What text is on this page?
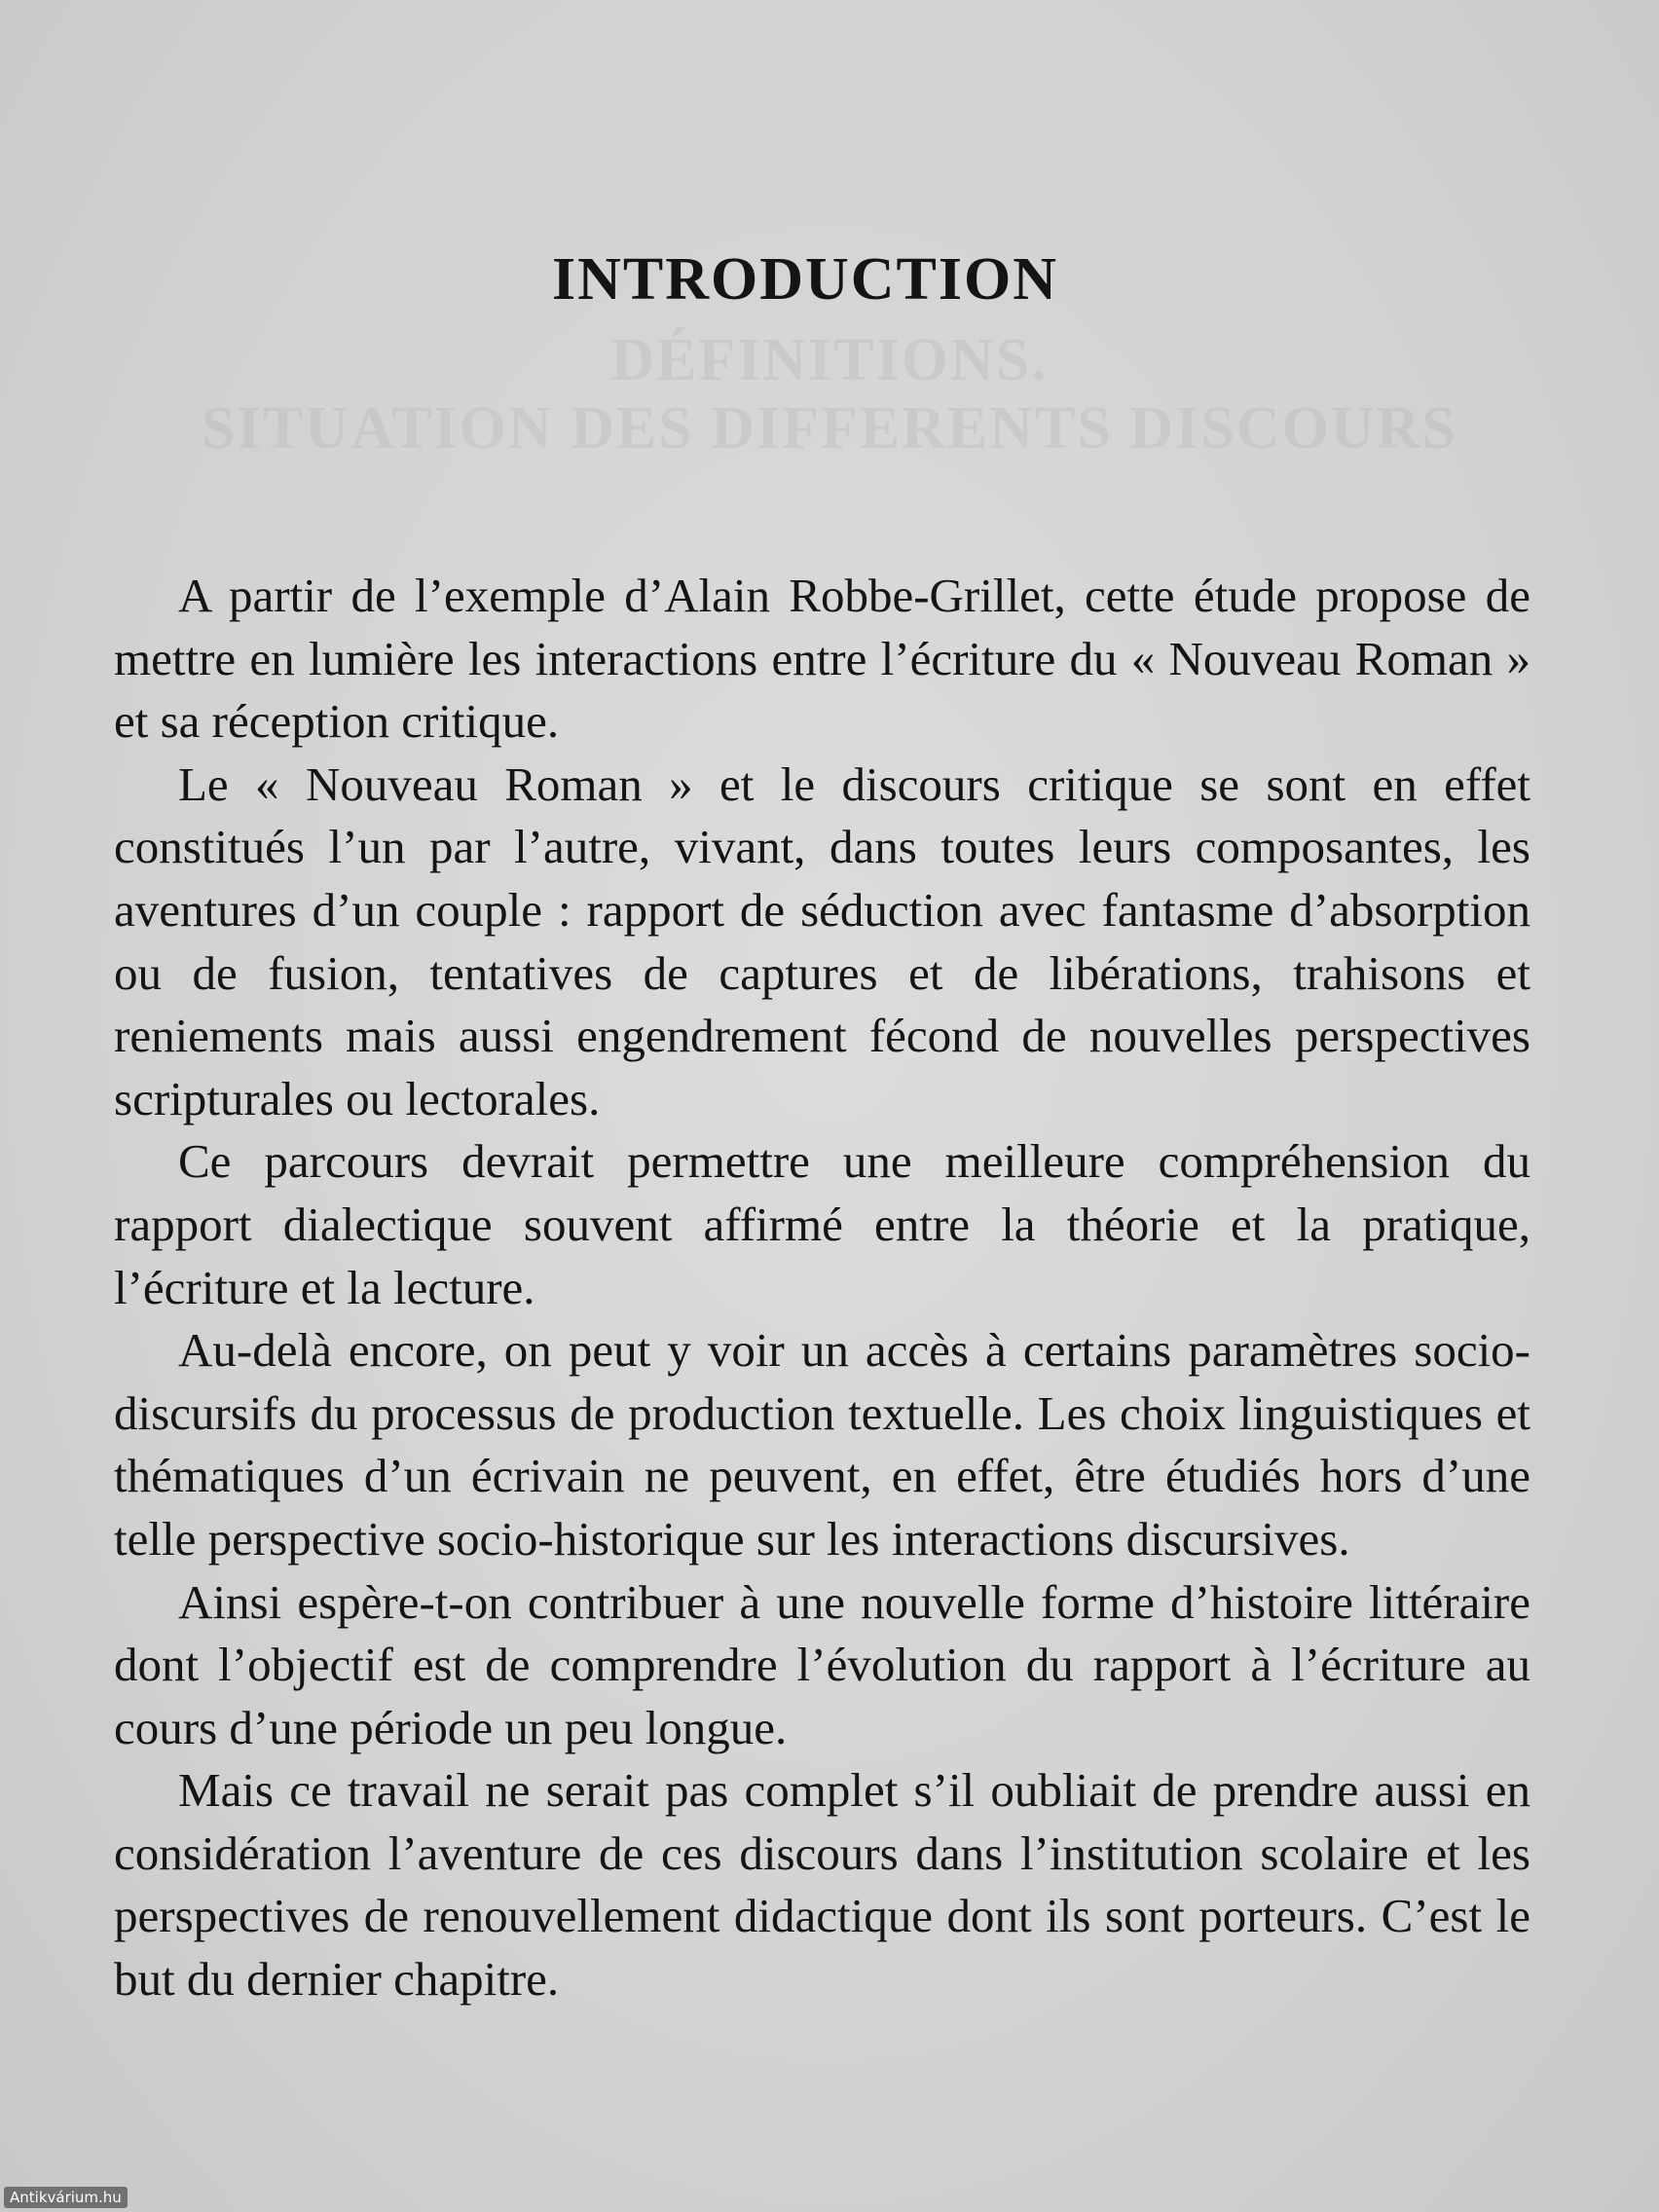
DÉFINITIONS.
SITUATION DES DIFFERENTS DISCOURS
INTRODUCTION

A partir de l’exemple d’Alain Robbe-Grillet, cette étude propose de mettre en lumière les interactions entre l’écriture du « Nouveau Roman » et sa réception critique.

Le « Nouveau Roman » et le discours critique se sont en effet constitués l’un par l’autre, vivant, dans toutes leurs composantes, les aventures d’un couple : rapport de séduction avec fantasme d’absorption ou de fusion, tentatives de captures et de libérations, trahisons et reniements mais aussi engendrement fécond de nouvelles perspectives scripturales ou lectorales.

Ce parcours devrait permettre une meilleure compréhension du rapport dialectique souvent affirmé entre la théorie et la pratique, l’écriture et la lecture.

Au-delà encore, on peut y voir un accès à certains paramètres socio-discursifs du processus de production textuelle. Les choix linguistiques et thématiques d’un écrivain ne peuvent, en effet, être étudiés hors d’une telle perspective socio-historique sur les interactions discursives.

Ainsi espère-t-on contribuer à une nouvelle forme d’histoire littéraire dont l’objectif est de comprendre l’évolution du rapport à l’écriture au cours d’une période un peu longue.

Mais ce travail ne serait pas complet s’il oubliait de prendre aussi en considération l’aventure de ces discours dans l’institution scolaire et les perspectives de renouvellement didactique dont ils sont porteurs. C’est le but du dernier chapitre.

Antikvárium.hu
